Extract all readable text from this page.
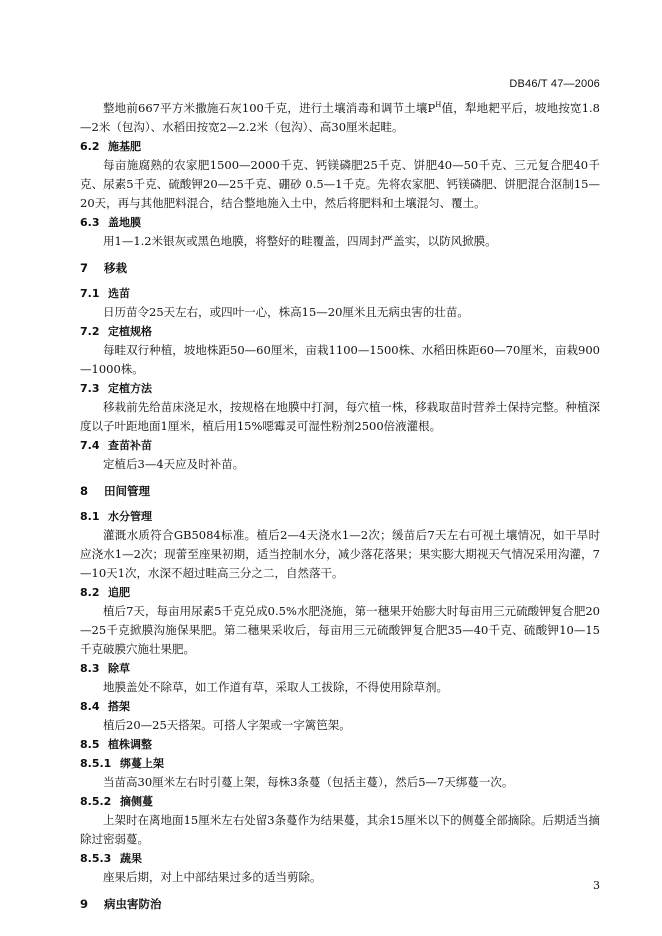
DB46/T 47—2006

整地前667平方米撒施石灰100千克，进行土壤消毒和调节土壤$P^H$值，犁地耙平后，坡地按宽1.8—2米（包沟）、水稻田按宽2—2.2米（包沟）、高30厘米起畦。

6.2 施基肥

每亩施腐熟的农家肥1500—2000千克、钙镁磷肥25千克、饼肥40—50千克、三元复合肥40千克、尿素5千克、硫酸钾20—25千克、硼砂 0.5—1千克。先将农家肥、钙镁磷肥、饼肥混合沤制15—20天，再与其他肥料混合，结合整地施入土中，然后将肥料和土壤混匀、覆土。

6.3 盖地膜

用1—1.2米银灰或黑色地膜，将整好的畦覆盖，四周封严盖实，以防风掀膜。

7	移栽
7.1 选苗

日历苗令25天左右，或四叶一心，株高15—20厘米且无病虫害的壮苗。

7.2 定植规格

每畦双行种植，坡地株距50—60厘米，亩栽1100—1500株、水稻田株距60—70厘米，亩栽900—1000株。

7.3 定植方法

移栽前先给苗床浇足水，按规格在地膜中打洞，每穴植一株，移栽取苗时营养土保持完整。种植深度以子叶距地面1厘米，植后用15%噁霉灵可湿性粉剂2500倍液灌根。

7.4 查苗补苗

定植后3—4天应及时补苗。

8	田间管理
8.1 水分管理

灌溉水质符合GB5084标准。植后2—4天浇水1—2次；缓苗后7天左右可视土壤情况，如干旱时应浇水1—2次；现蕾至座果初期，适当控制水分，减少落花落果；果实膨大期视天气情况采用沟灌，7—10天1次，水深不超过畦高三分之二，自然落干。

8.2 追肥

植后7天，每亩用尿素5千克兑成0.5%水肥浇施，第一穗果开始膨大时每亩用三元硫酸钾复合肥20—25千克掀膜沟施保果肥。第二穗果采收后，每亩用三元硫酸钾复合肥35—40千克、硫酸钾10—15千克破膜穴施壮果肥。

8.3 除草

地膜盖处不除草，如工作道有草，采取人工拔除，不得使用除草剂。

8.4 搭架

植后20—25天搭架。可搭人字架或一字篱笆架。

8.5 植株调整
8.5.1 绑蔓上架

当苗高30厘米左右时引蔓上架，每株3条蔓（包括主蔓），然后5—7天绑蔓一次。

8.5.2 摘侧蔓

上架时在离地面15厘米左右处留3条蔓作为结果蔓，其余15厘米以下的侧蔓全部摘除。后期适当摘除过密弱蔓。

8.5.3 蔬果

座果后期，对上中部结果过多的适当剪除。

9	病虫害防治
3
